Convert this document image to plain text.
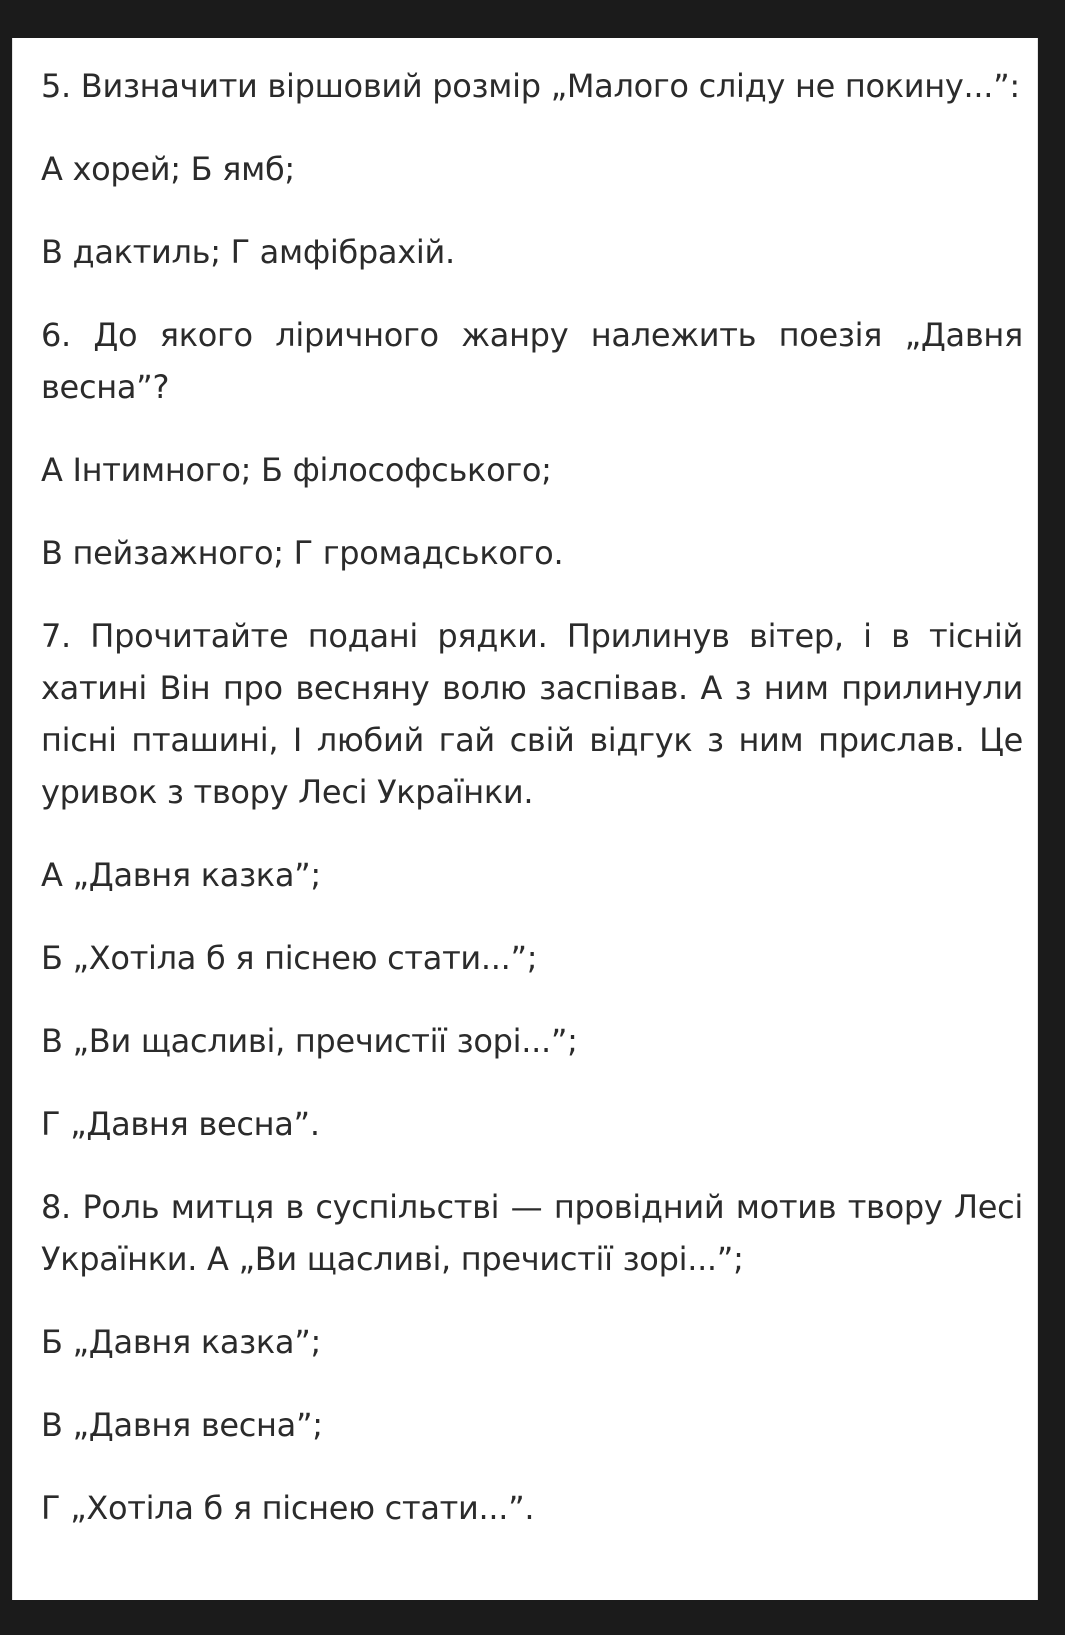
5. Визначити віршовий розмір „Малого сліду не покину...”:

А хорей; Б ямб;

В дактиль; Г амфібрахій.

6. До якого ліричного жанру належить поезія „Давня весна”?

А Інтимного; Б філософського;

В пейзажного; Г громадського.

7. Прочитайте подані рядки. Прилинув вітер, і в тісній хатині Він про весняну волю заспівав. А з ним прилинули пісні пташині, І любий гай свій відгук з ним прислав. Це уривок з твору Лесі Українки.

А „Давня казка”;

Б „Хотіла б я піснею стати...”;

В „Ви щасливі, пречистії зорі...”;

Г „Давня весна”.

8. Роль митця в суспільстві — провідний мотив твору Лесі Українки. А „Ви щасливі, пречистії зорі...”;

Б „Давня казка”;

В „Давня весна”;

Г „Хотіла б я піснею стати...”.
